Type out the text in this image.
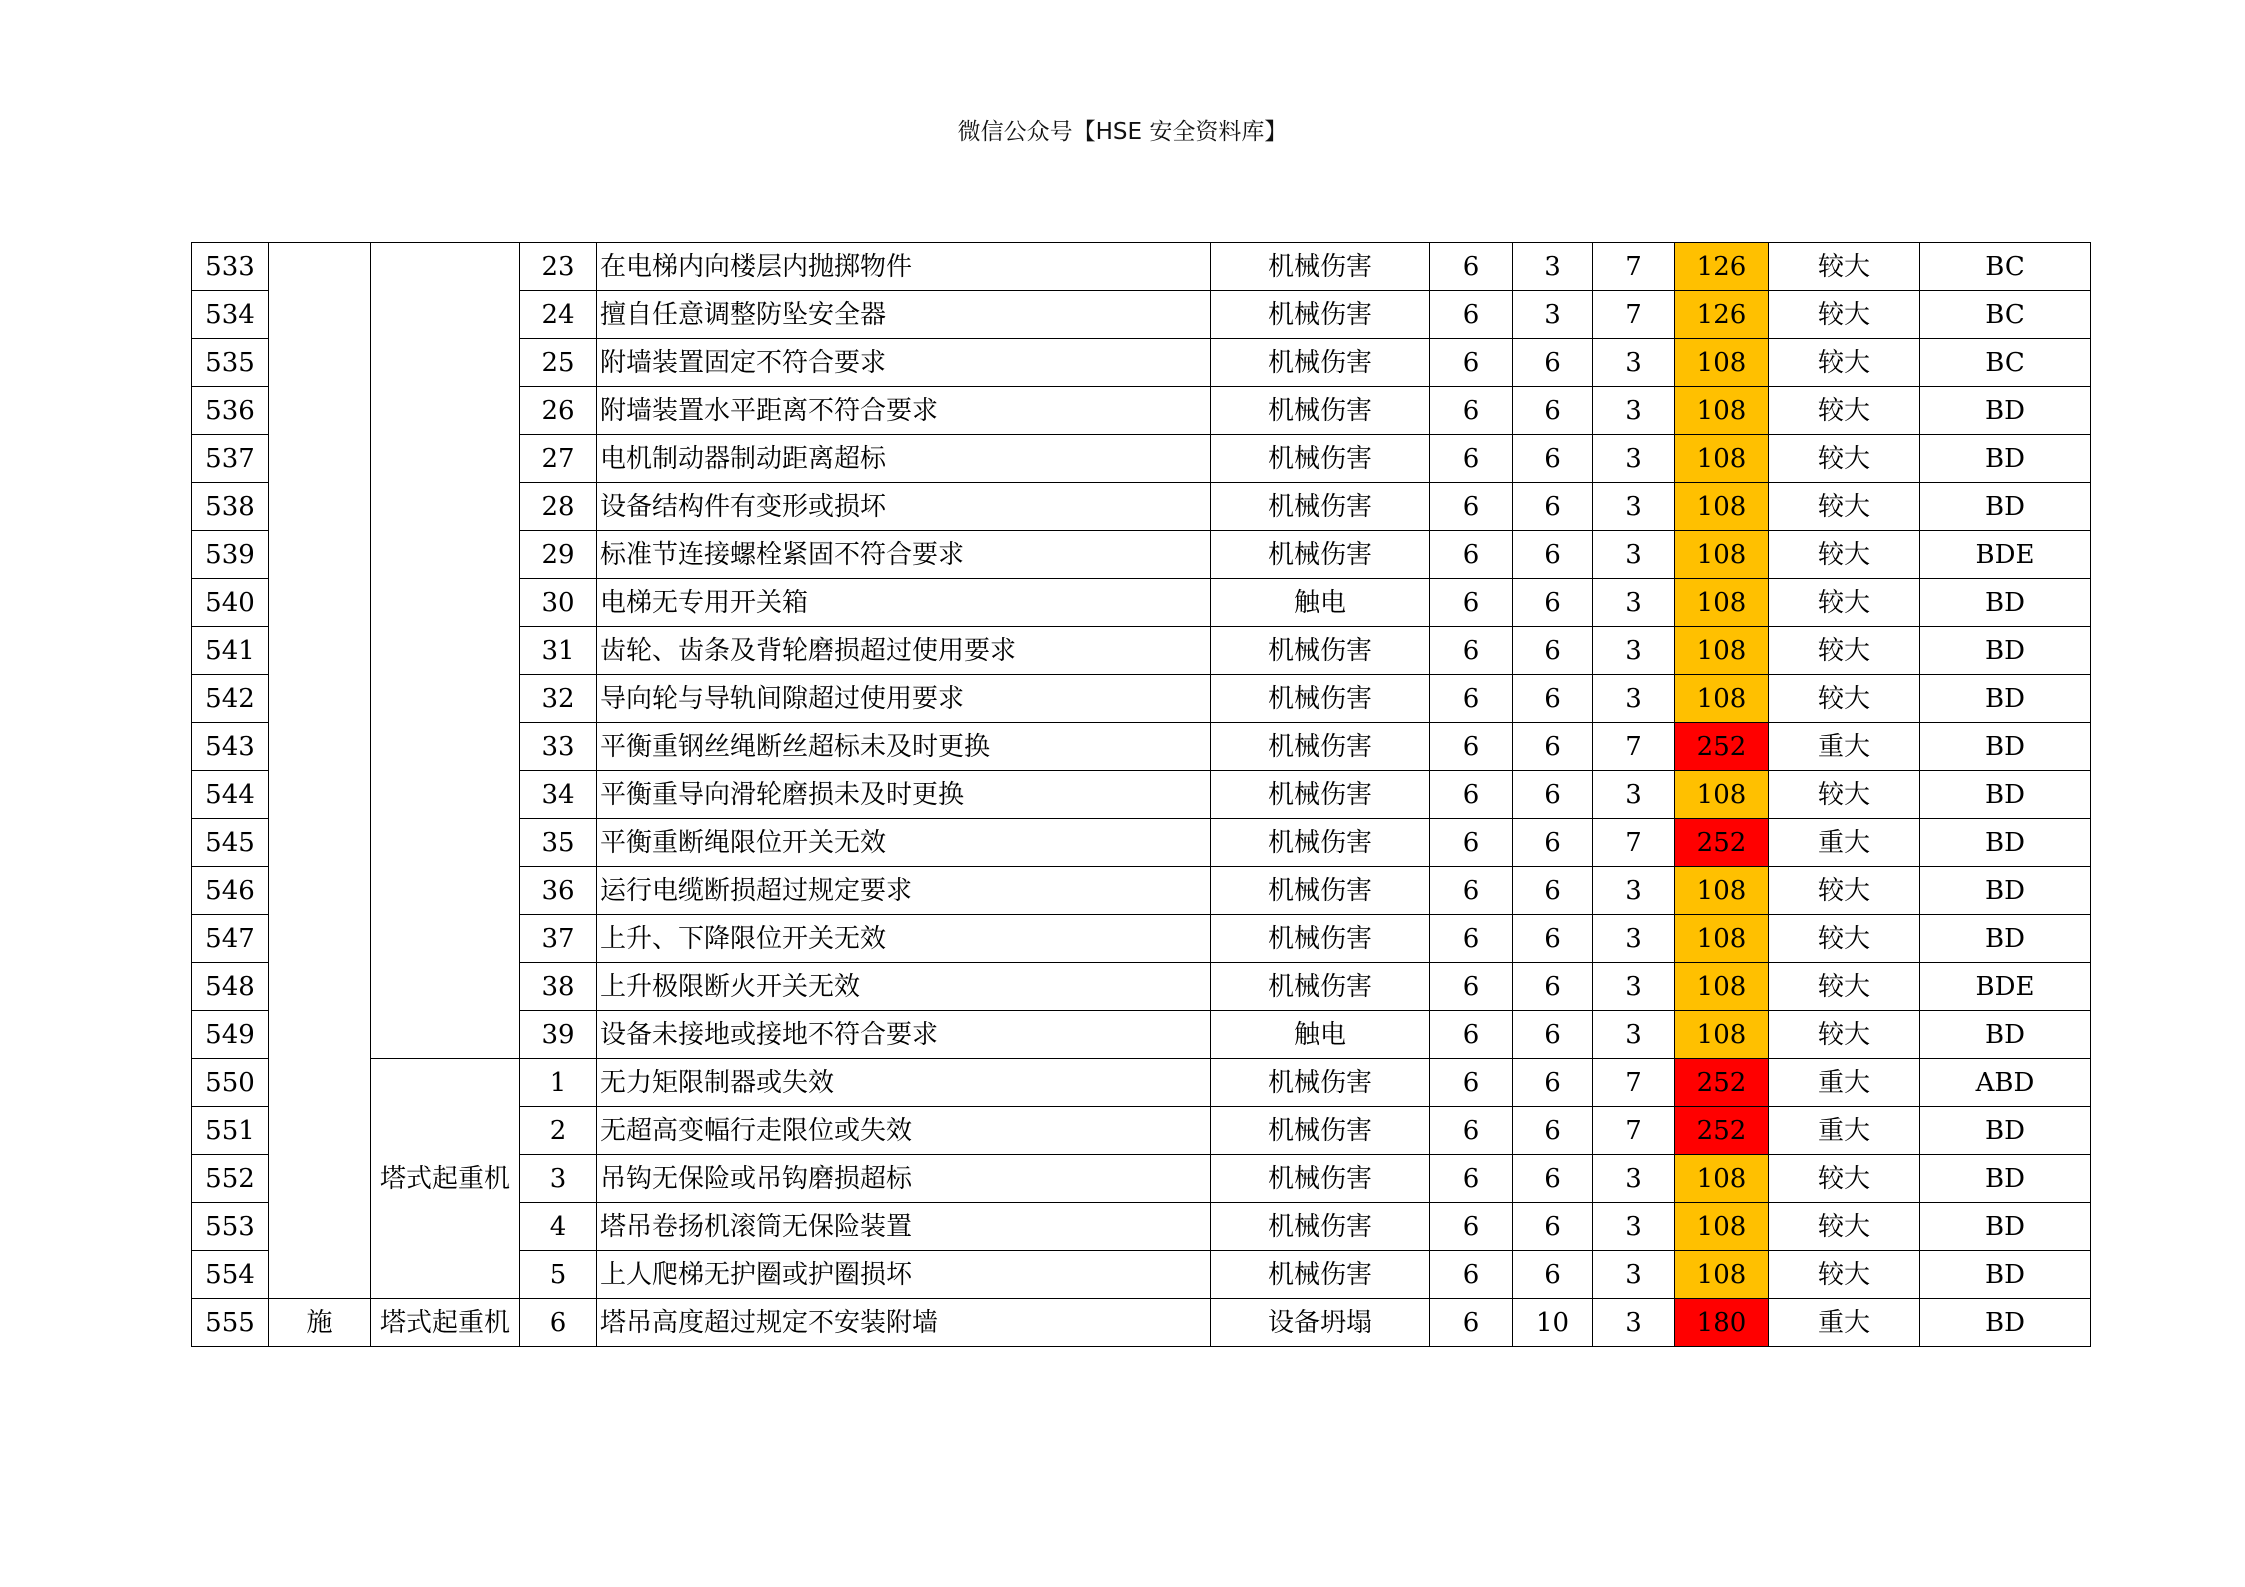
微信公众号【HSE 安全资料库】
533			23	在电梯内向楼层内抛掷物件	机械伤害	6	3	7	126	较大	BC
534			24	擅自任意调整防坠安全器	机械伤害	6	3	7	126	较大	BC
535			25	附墙装置固定不符合要求	机械伤害	6	6	3	108	较大	BC
536			26	附墙装置水平距离不符合要求	机械伤害	6	6	3	108	较大	BD
537			27	电机制动器制动距离超标	机械伤害	6	6	3	108	较大	BD
538			28	设备结构件有变形或损坏	机械伤害	6	6	3	108	较大	BD
539			29	标准节连接螺栓紧固不符合要求	机械伤害	6	6	3	108	较大	BDE
540			30	电梯无专用开关箱	触电	6	6	3	108	较大	BD
541			31	齿轮、齿条及背轮磨损超过使用要求	机械伤害	6	6	3	108	较大	BD
542			32	导向轮与导轨间隙超过使用要求	机械伤害	6	6	3	108	较大	BD
543			33	平衡重钢丝绳断丝超标未及时更换	机械伤害	6	6	7	252	重大	BD
544			34	平衡重导向滑轮磨损未及时更换	机械伤害	6	6	3	108	较大	BD
545			35	平衡重断绳限位开关无效	机械伤害	6	6	7	252	重大	BD
546			36	运行电缆断损超过规定要求	机械伤害	6	6	3	108	较大	BD
547			37	上升、下降限位开关无效	机械伤害	6	6	3	108	较大	BD
548			38	上升极限断火开关无效	机械伤害	6	6	3	108	较大	BDE
549			39	设备未接地或接地不符合要求	触电	6	6	3	108	较大	BD
550		塔式起重机	1	无力矩限制器或失效	机械伤害	6	6	7	252	重大	ABD
551			2	无超高变幅行走限位或失效	机械伤害	6	6	7	252	重大	BD
552			3	吊钩无保险或吊钩磨损超标	机械伤害	6	6	3	108	较大	BD
553			4	塔吊卷扬机滚筒无保险装置	机械伤害	6	6	3	108	较大	BD
554			5	上人爬梯无护圈或护圈损坏	机械伤害	6	6	3	108	较大	BD
555	施	塔式起重机	6	塔吊高度超过规定不安装附墙	设备坍塌	6	10	3	180	重大	BD
